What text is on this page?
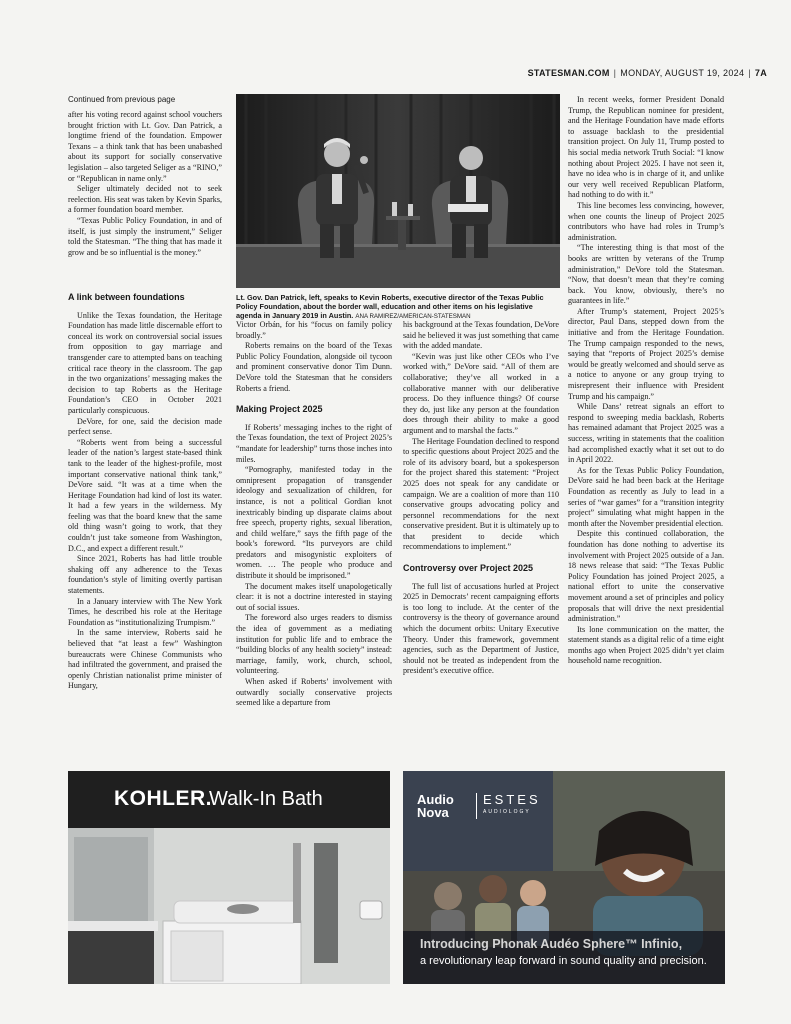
STATESMAN.COM | MONDAY, AUGUST 19, 2024 | 7A
Continued from previous page

after his voting record against school vouchers brought friction with Lt. Gov. Dan Patrick, a longtime friend of the foundation. Empower Texans – a think tank that has been unabashed about its support for socially conservative legislation – also targeted Seliger as a “RINO,” or “Republican in name only.”

Seliger ultimately decided not to seek reelection. His seat was taken by Kevin Sparks, a former foundation board member.

“Texas Public Policy Foundation, in and of itself, is just simply the instrument,” Seliger told the Statesman. “The thing that has made it grow and be so influential is the money.”

A link between foundations

Unlike the Texas foundation, the Heritage Foundation has made little discernable effort to conceal its work on controversial social issues from opposition to gay marriage and transgender care to attempted bans on teaching critical race theory in the classroom. The gap in the two organizations’ messaging makes the decision to tap Roberts as the Heritage Foundation’s CEO in October 2021 particularly conspicuous.

DeVore, for one, said the decision made perfect sense.

“Roberts went from being a successful leader of the nation’s largest state-based think tank to the leader of the highest-profile, most important conservative national think tank,” DeVore said. “It was at a time when the Heritage Foundation had kind of lost its water. It had a few years in the wilderness. My feeling was that the board knew that the same old thing wasn’t going to work, that they couldn’t just take someone from Washington, D.C., and expect a different result.”

Since 2021, Roberts has had little trouble shaking off any adherence to the Texas foundation’s style of limiting overtly partisan statements.

In a January interview with The New York Times, he described his role at the Heritage Foundation as “institutionalizing Trumpism.”

In the same interview, Roberts said he believed that “at least a few” Washington bureaucrats were Chinese Communists who had infiltrated the government, and praised the openly Christian nationalist prime minister of Hungary,

Lt. Gov. Dan Patrick, left, speaks to Kevin Roberts, executive director of the Texas Public Policy Foundation, about the border wall, education and other items on his legislative agenda in January 2019 in Austin. ANA RAMIREZ/AMERICAN-STATESMAN

Victor Orbán, for his “focus on family policy broadly.”

Roberts remains on the board of the Texas Public Policy Foundation, alongside oil tycoon and prominent conservative donor Tim Dunn. DeVore told the Statesman that he considers Roberts a friend.

Making Project 2025

If Roberts’ messaging inches to the right of the Texas foundation, the text of Project 2025’s “mandate for leadership” turns those inches into miles.

“Pornography, manifested today in the omnipresent propagation of transgender ideology and sexualization of children, for instance, is not a political Gordian knot inextricably binding up disparate claims about free speech, property rights, sexual liberation, and child welfare,” says the fifth page of the book’s foreword. “Its purveyors are child predators and misogynistic exploiters of women. … The people who produce and distribute it should be imprisoned.”

The document makes itself unapologetically clear: it is not a doctrine interested in staying out of social issues.

The foreword also urges readers to dismiss the idea of government as a mediating institution for public life and to embrace the “building blocks of any health society” instead: marriage, family, work, church, school, volunteering.

When asked if Roberts’ involvement with outwardly socially conservative projects seemed like a departure from

his background at the Texas foundation, DeVore said he believed it was just something that came with the added mandate.

“Kevin was just like other CEOs who I’ve worked with,” DeVore said. “All of them are collaborative; they’ve all worked in a collaborative manner with our deliberative process. Do they influence things? Of course they do, just like any person at the foundation does through their ability to make a good argument and to marshal the facts.”

The Heritage Foundation declined to respond to specific questions about Project 2025 and the role of its advisory board, but a spokesperson for the project shared this statement: “Project 2025 does not speak for any candidate or campaign. We are a coalition of more than 110 conservative groups advocating policy and personnel recommendations for the next conservative president. But it is ultimately up to that president to decide which recommendations to implement.”

Controversy over Project 2025

The full list of accusations hurled at Project 2025 in Democrats’ recent campaigning efforts is too long to include. At the center of the controversy is the theory of governance around which the document orbits: Unitary Executive Theory. Under this framework, government agencies, such as the Department of Justice, should not be treated as independent from the president’s executive office.

In recent weeks, former President Donald Trump, the Republican nominee for president, and the Heritage Foundation have made efforts to assuage backlash to the presidential transition project. On July 11, Trump posted to his social media network Truth Social: “I know nothing about Project 2025. I have not seen it, have no idea who is in charge of it, and unlike our very well received Republican Platform, had nothing to do with it.”

This line becomes less convincing, however, when one counts the lineup of Project 2025 contributors who have had roles in Trump’s administration.

“The interesting thing is that most of the books are written by veterans of the Trump administration,” DeVore told the Statesman. “Now, that doesn’t mean that they’re coming back. You know, obviously, there’s no guarantees in life.”

After Trump’s statement, Project 2025’s director, Paul Dans, stepped down from the initiative and from the Heritage Foundation. The Trump campaign responded to the news, saying that “reports of Project 2025’s demise would be greatly welcomed and should serve as a notice to anyone or any group trying to misrepresent their influence with President Trump and his campaign.”

While Dans’ retreat signals an effort to respond to sweeping media backlash, Roberts has remained adamant that Project 2025 was a success, writing in statements that the coalition had accomplished exactly what it set out to do in April 2022.

As for the Texas Public Policy Foundation, DeVore said he had been back at the Heritage Foundation as recently as July to lead in a series of “war games” for a “transition integrity project” simulating what might happen in the month after the November presidential election.

Despite this continued collaboration, the foundation has done nothing to advertise its involvement with Project 2025 outside of a Jan. 18 news release that said: “The Texas Public Policy Foundation has joined Project 2025, a national effort to unite the conservative movement around a set of principles and policy proposals that will drive the next presidential administration.”

Its lone communication on the matter, the statement stands as a digital relic of a time eight months ago when Project 2025 didn’t yet claim household name recognition.

KOHLER.
Walk-In Bath	Audio
Nova
ESTES
AUDIOLOGY
Introducing Phonak Audéo Sphere™ Infinio,
a revolutionary leap forward in sound quality and precision.
